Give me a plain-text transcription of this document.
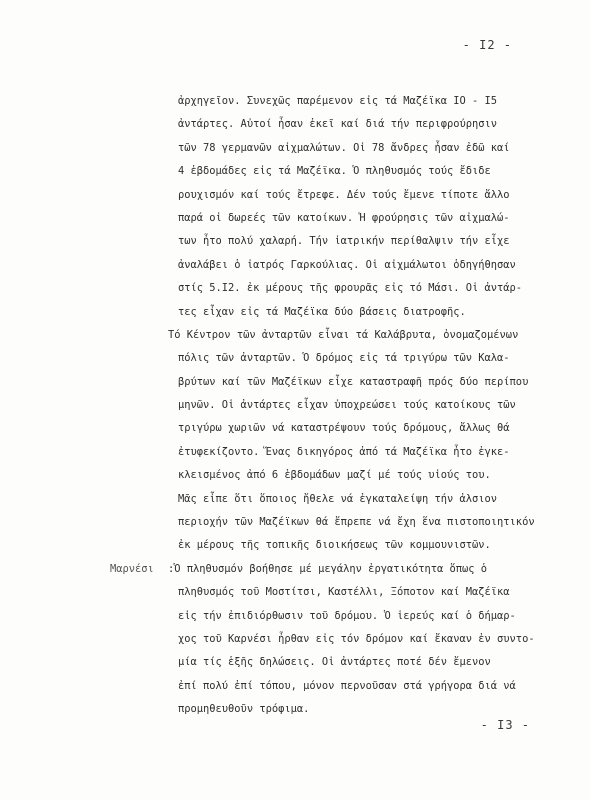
- I2 -
Μαρνέσι
ἀρχηγεῖον. Συνεχῶς παρέμενον εἰς τά Μαζέϊκα IO - I5
ἀντάρτες. Αὐτοί ἦσαν ἐκεῖ καί διά τήν περιφρούρησιν
τῶν 78 γερμανῶν αἰχμαλώτων. Οἱ 78 ἄνδρες ἦσαν ἐδῶ καί
4 ἑβδομάδες εἰς τά Μαζέϊκα. Ὁ πληθυσμός τούς ἔδιδε
ρουχισμόν καί τούς ἔτρεφε. Δέν τούς ἔμενε τίποτε ἄλλο
παρά οἱ δωρεές τῶν κατοίκων. Ἡ φρούρησις τῶν αἰχμαλώ-
των ἦτο πολύ χαλαρή. Τήν ἰατρικήν περίθαλψιν τήν εἶχε
ἀναλάβει ὁ ἰατρός Γαρκούλιας. Οἱ αἰχμάλωτοι ὁδηγήθησαν
στίς 5.I2. ἐκ μέρους τῆς φρουρᾶς εἰς τό Μάσι. Οἱ ἀντάρ-
τες εἶχαν εἰς τά Μαζέϊκα δύο βάσεις διατροφῆς.
Τό Κέντρον τῶν ἀνταρτῶν εἶναι τά Καλάβρυτα, ὀνομαζομένων
πόλις τῶν ἀνταρτῶν. Ὁ δρόμος εἰς τά τριγύρω τῶν Καλα-
βρύτων καί τῶν Μαζέϊκων εἶχε καταστραφῆ πρός δύο περίπου
μηνῶν. Οἱ ἀντάρτες εἶχαν ὑποχρεώσει τούς κατοίκους τῶν
τριγύρω χωριῶν νά καταστρέψουν τούς δρόμους, ἄλλως θά
ἐτυφεκίζοντο. Ἕνας δικηγόρος ἀπό τά Μαζέϊκα ἦτο ἐγκε-
κλεισμένος ἀπό 6 ἑβδομάδων μαζί μέ τούς υἱούς του.
Μᾶς εἶπε ὅτι ὅποιος ἤθελε νά ἐγκαταλείψη τήν ἀλσιον
περιοχήν τῶν Μαζέϊκων θά ἔπρεπε νά ἔχη ἕνα πιστοποιητικόν
ἐκ μέρους τῆς τοπικῆς διοικήσεως τῶν κομμουνιστῶν.
:Ὁ πληθυσμόν βοήθησε μέ μεγάλην ἐργατικότητα ὅπως ὁ
πληθυσμός τοῦ Μοστίτσι, Καστέλλι, Ξόποτον καί Μαζέϊκα
εἰς τήν ἐπιδιόρθωσιν τοῦ δρόμου. Ὁ ἱερεύς καί ὁ δήμαρ-
χος τοῦ Καρνέσι ἦρθαν εἰς τόν δρόμον καί ἔκαναν ἐν συντο-
μία τίς ἑξῆς δηλώσεις. Οἱ ἀντάρτες ποτέ δέν ἔμενον
ἐπί πολύ ἐπί τόπου, μόνον περνοῦσαν στά γρήγορα διά νά
προμηθευθοῦν τρόφιμα.
- I3 -
